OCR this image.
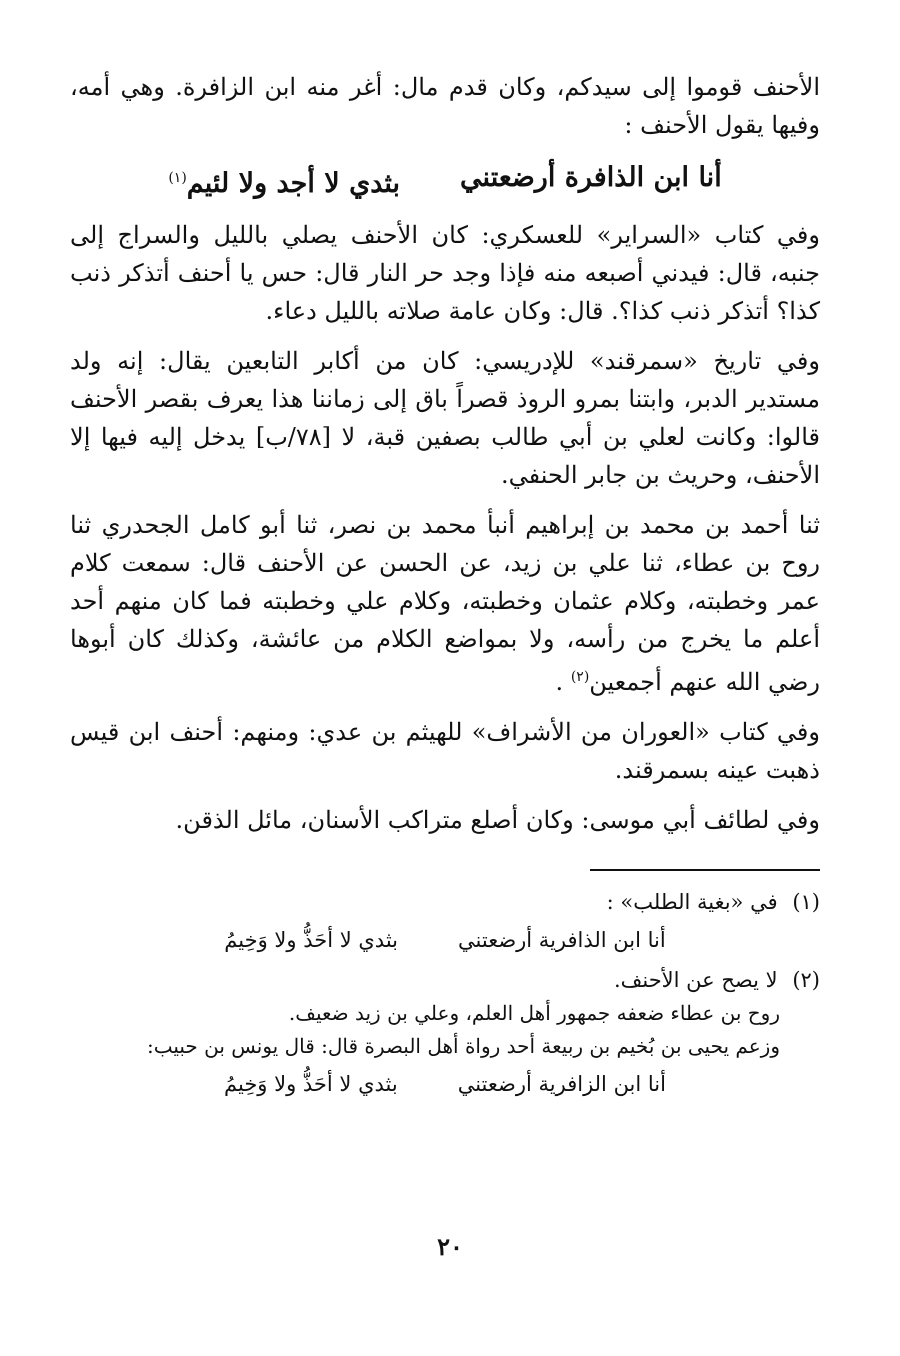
الأحنف قوموا إلى سيدكم، وكان قدم مال: أغر منه ابن الزافرة. وهي أمه، وفيها يقول الأحنف :

أنا ابن الذافرة أرضعتني
بثدي لا أجد ولا لئيم$^{(١)}$

وفي كتاب «السراير» للعسكري: كان الأحنف يصلي بالليل والسراج إلى جنبه، قال: فيدني أصبعه منه فإذا وجد حر النار قال: حس يا أحنف أتذكر ذنب كذا؟ أتذكر ذنب كذا؟. قال: وكان عامة صلاته بالليل دعاء.

وفي تاريخ «سمرقند» للإدريسي: كان من أكابر التابعين يقال: إنه ولد مستدير الدبر، وابتنا بمرو الروذ قصراً باق إلى زماننا هذا يعرف بقصر الأحنف قالوا: وكانت لعلي بن أبي طالب بصفين قبة، لا [٧٨/ب] يدخل إليه فيها إلا الأحنف، وحريث بن جابر الحنفي.

ثنا أحمد بن محمد بن إبراهيم أنبأ محمد بن نصر، ثنا أبو كامل الجحدري ثنا روح بن عطاء، ثنا علي بن زيد، عن الحسن عن الأحنف قال: سمعت كلام عمر وخطبته، وكلام عثمان وخطبته، وكلام علي وخطبته فما كان منهم أحد أعلم ما يخرج من رأسه، ولا بمواضع الكلام من عائشة، وكذلك كان أبوها رضي الله عنهم أجمعين$^{(٢)}$ .

وفي كتاب «العوران من الأشراف» للهيثم بن عدي: ومنهم: أحنف ابن قيس ذهبت عينه بسمرقند.

وفي لطائف أبي موسى: وكان أصلع متراكب الأسنان، مائل الذقن.

(١) في «بغية الطلب» :

أنا ابن الذافرية أرضعتني
بثدي لا أحَذُّ ولا وَخِيمُ

(٢) لا يصح عن الأحنف.

روح بن عطاء ضعفه جمهور أهل العلم، وعلي بن زيد ضعيف.

وزعم يحيى بن بُخيم بن ربيعة أحد رواة أهل البصرة قال: قال يونس بن حبيب:

أنا ابن الزافرية أرضعتني
بثدي لا أحَذُّ ولا وَخِيمُ
٢٠
